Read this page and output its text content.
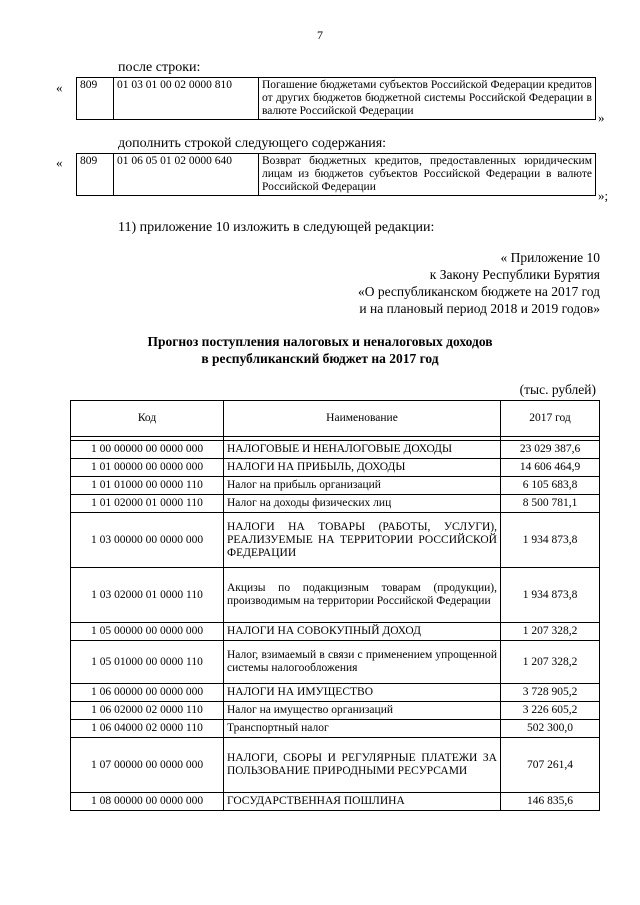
7
после строки:
« 809	01 03 01 00 02 0000 810	Погашение бюджетами субъектов Российской Федерации кредитов от других бюджетов бюджетной системы Российской Федерации в валюте Российской Федерации	»
дополнить строкой следующего содержания:
« 809	01 06 05 01 02 0000 640	Возврат бюджетных кредитов, предоставленных юридическим лицам из бюджетов субъектов Российской Федерации в валюте Российской Федерации
»;
11) приложение 10 изложить в следующей редакции:
« Приложение 10
к Закону Республики Бурятия
«О республиканском бюджете на 2017 год
и на плановый период 2018 и 2019 годов»
Прогноз поступления налоговых и неналоговых доходов
в республиканский бюджет на 2017 год
(тыс. рублей)
Код	Наименование	2017 год

1 00 00000 00 0000 000	НАЛОГОВЫЕ И НЕНАЛОГОВЫЕ ДОХОДЫ	23 029 387,6
1 01 00000 00 0000 000	НАЛОГИ НА ПРИБЫЛЬ, ДОХОДЫ	14 606 464,9
1 01 01000 00 0000 110	Налог на прибыль организаций	6 105 683,8
1 01 02000 01 0000 110	Налог на доходы физических лиц	8 500 781,1
1 03 00000 00 0000 000	НАЛОГИ НА ТОВАРЫ (РАБОТЫ, УСЛУГИ), РЕАЛИЗУЕМЫЕ НА ТЕРРИТОРИИ РОССИЙСКОЙ ФЕДЕРАЦИИ	1 934 873,8
1 03 02000 01 0000 110	Акцизы по подакцизным товарам (продукции), производимым на территории Российской Федерации	1 934 873,8
1 05 00000 00 0000 000	НАЛОГИ НА СОВОКУПНЫЙ ДОХОД	1 207 328,2
1 05 01000 00 0000 110	Налог, взимаемый в связи с применением упрощенной системы налогообложения	1 207 328,2
1 06 00000 00 0000 000	НАЛОГИ НА ИМУЩЕСТВО	3 728 905,2
1 06 02000 02 0000 110	Налог на имущество организаций	3 226 605,2
1 06 04000 02 0000 110	Транспортный налог	502 300,0
1 07 00000 00 0000 000	НАЛОГИ, СБОРЫ И РЕГУЛЯРНЫЕ ПЛАТЕЖИ ЗА ПОЛЬЗОВАНИЕ ПРИРОДНЫМИ РЕСУРСАМИ	707 261,4
1 08 00000 00 0000 000	ГОСУДАРСТВЕННАЯ ПОШЛИНА	146 835,6
